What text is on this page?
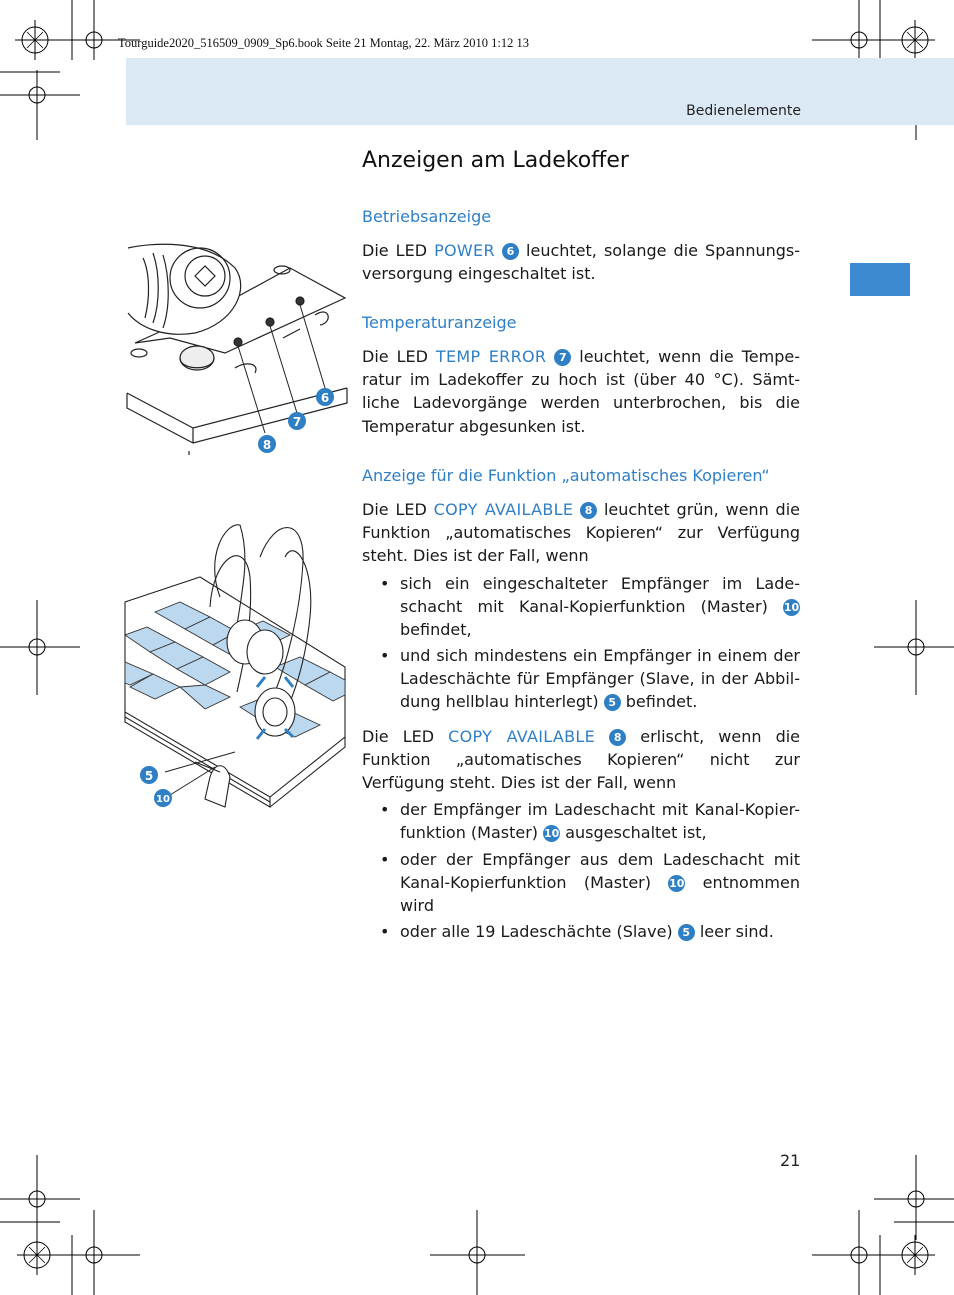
Tourguide2020_516509_0909_Sp6.book Seite 21 Montag, 22. März 2010 1:12 13
Bedienelemente
Anzeigen am Ladekoffer
Betriebsanzeige
Die LED POWER 6 leuchtet, solange die Spannungs-versorgung eingeschaltet ist.
Temperaturanzeige
Die LED TEMP ERROR 7 leuchtet, wenn die Tempe-ratur im Ladekoffer zu hoch ist (über 40 °C). Sämt-liche Ladevorgänge werden unterbrochen, bis die Temperatur abgesunken ist.
Anzeige für die Funktion „automatisches Kopieren“
Die LED COPY AVAILABLE 8 leuchtet grün, wenn die Funktion „automatisches Kopieren“ zur Verfügung steht. Dies ist der Fall, wenn
• sich ein eingeschalteter Empfänger im Lade-schacht mit Kanal-Kopierfunktion (Master) 10 befindet,
• und sich mindestens ein Empfänger in einem der Ladeschächte für Empfänger (Slave, in der Abbil-dung hellblau hinterlegt) 5 befindet.
Die LED COPY AVAILABLE 8 erlischt, wenn die Funktion „automatisches Kopieren“ nicht zur Verfügung steht. Dies ist der Fall, wenn
• der Empfänger im Ladeschacht mit Kanal-Kopier-funktion (Master) 10 ausgeschaltet ist,
• oder der Empfänger aus dem Ladeschacht mit Kanal-Kopierfunktion (Master) 10 entnommen wird
• oder alle 19 Ladeschächte (Slave) 5 leer sind.
6
7
8
5
10
21
